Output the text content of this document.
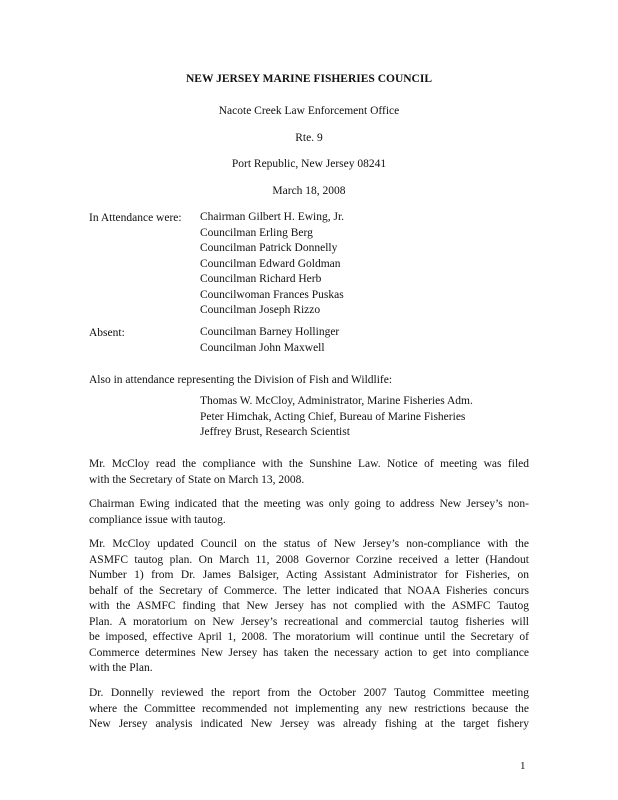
NEW JERSEY MARINE FISHERIES COUNCIL
Nacote Creek Law Enforcement Office
Rte. 9
Port Republic, New Jersey 08241
March 18, 2008
In Attendance were: Chairman Gilbert H. Ewing, Jr.
Councilman Erling Berg
Councilman Patrick Donnelly
Councilman Edward Goldman
Councilman Richard Herb
Councilwoman Frances Puskas
Councilman Joseph Rizzo
Absent:	Councilman Barney Hollinger
Councilman John Maxwell
Also in attendance representing the Division of Fish and Wildlife:
Thomas W. McCloy, Administrator, Marine Fisheries Adm.
Peter Himchak, Acting Chief, Bureau of Marine Fisheries
Jeffrey Brust, Research Scientist
Mr. McCloy read the compliance with the Sunshine Law. Notice of meeting was filed
with the Secretary of State on March 13, 2008.
Chairman Ewing indicated that the meeting was only going to address New Jersey’s non-
compliance issue with tautog.
Mr. McCloy updated Council on the status of New Jersey’s non-compliance with the
ASMFC tautog plan. On March 11, 2008 Governor Corzine received a letter (Handout
Number 1) from Dr. James Balsiger, Acting Assistant Administrator for Fisheries, on
behalf of the Secretary of Commerce. The letter indicated that NOAA Fisheries concurs
with the ASMFC finding that New Jersey has not complied with the ASMFC Tautog
Plan. A moratorium on New Jersey’s recreational and commercial tautog fisheries will
be imposed, effective April 1, 2008. The moratorium will continue until the Secretary of
Commerce determines New Jersey has taken the necessary action to get into compliance
with the Plan.
Dr. Donnelly reviewed the report from the October 2007 Tautog Committee meeting
where the Committee recommended not implementing any new restrictions because the
New Jersey analysis indicated New Jersey was already fishing at the target fishery
1
